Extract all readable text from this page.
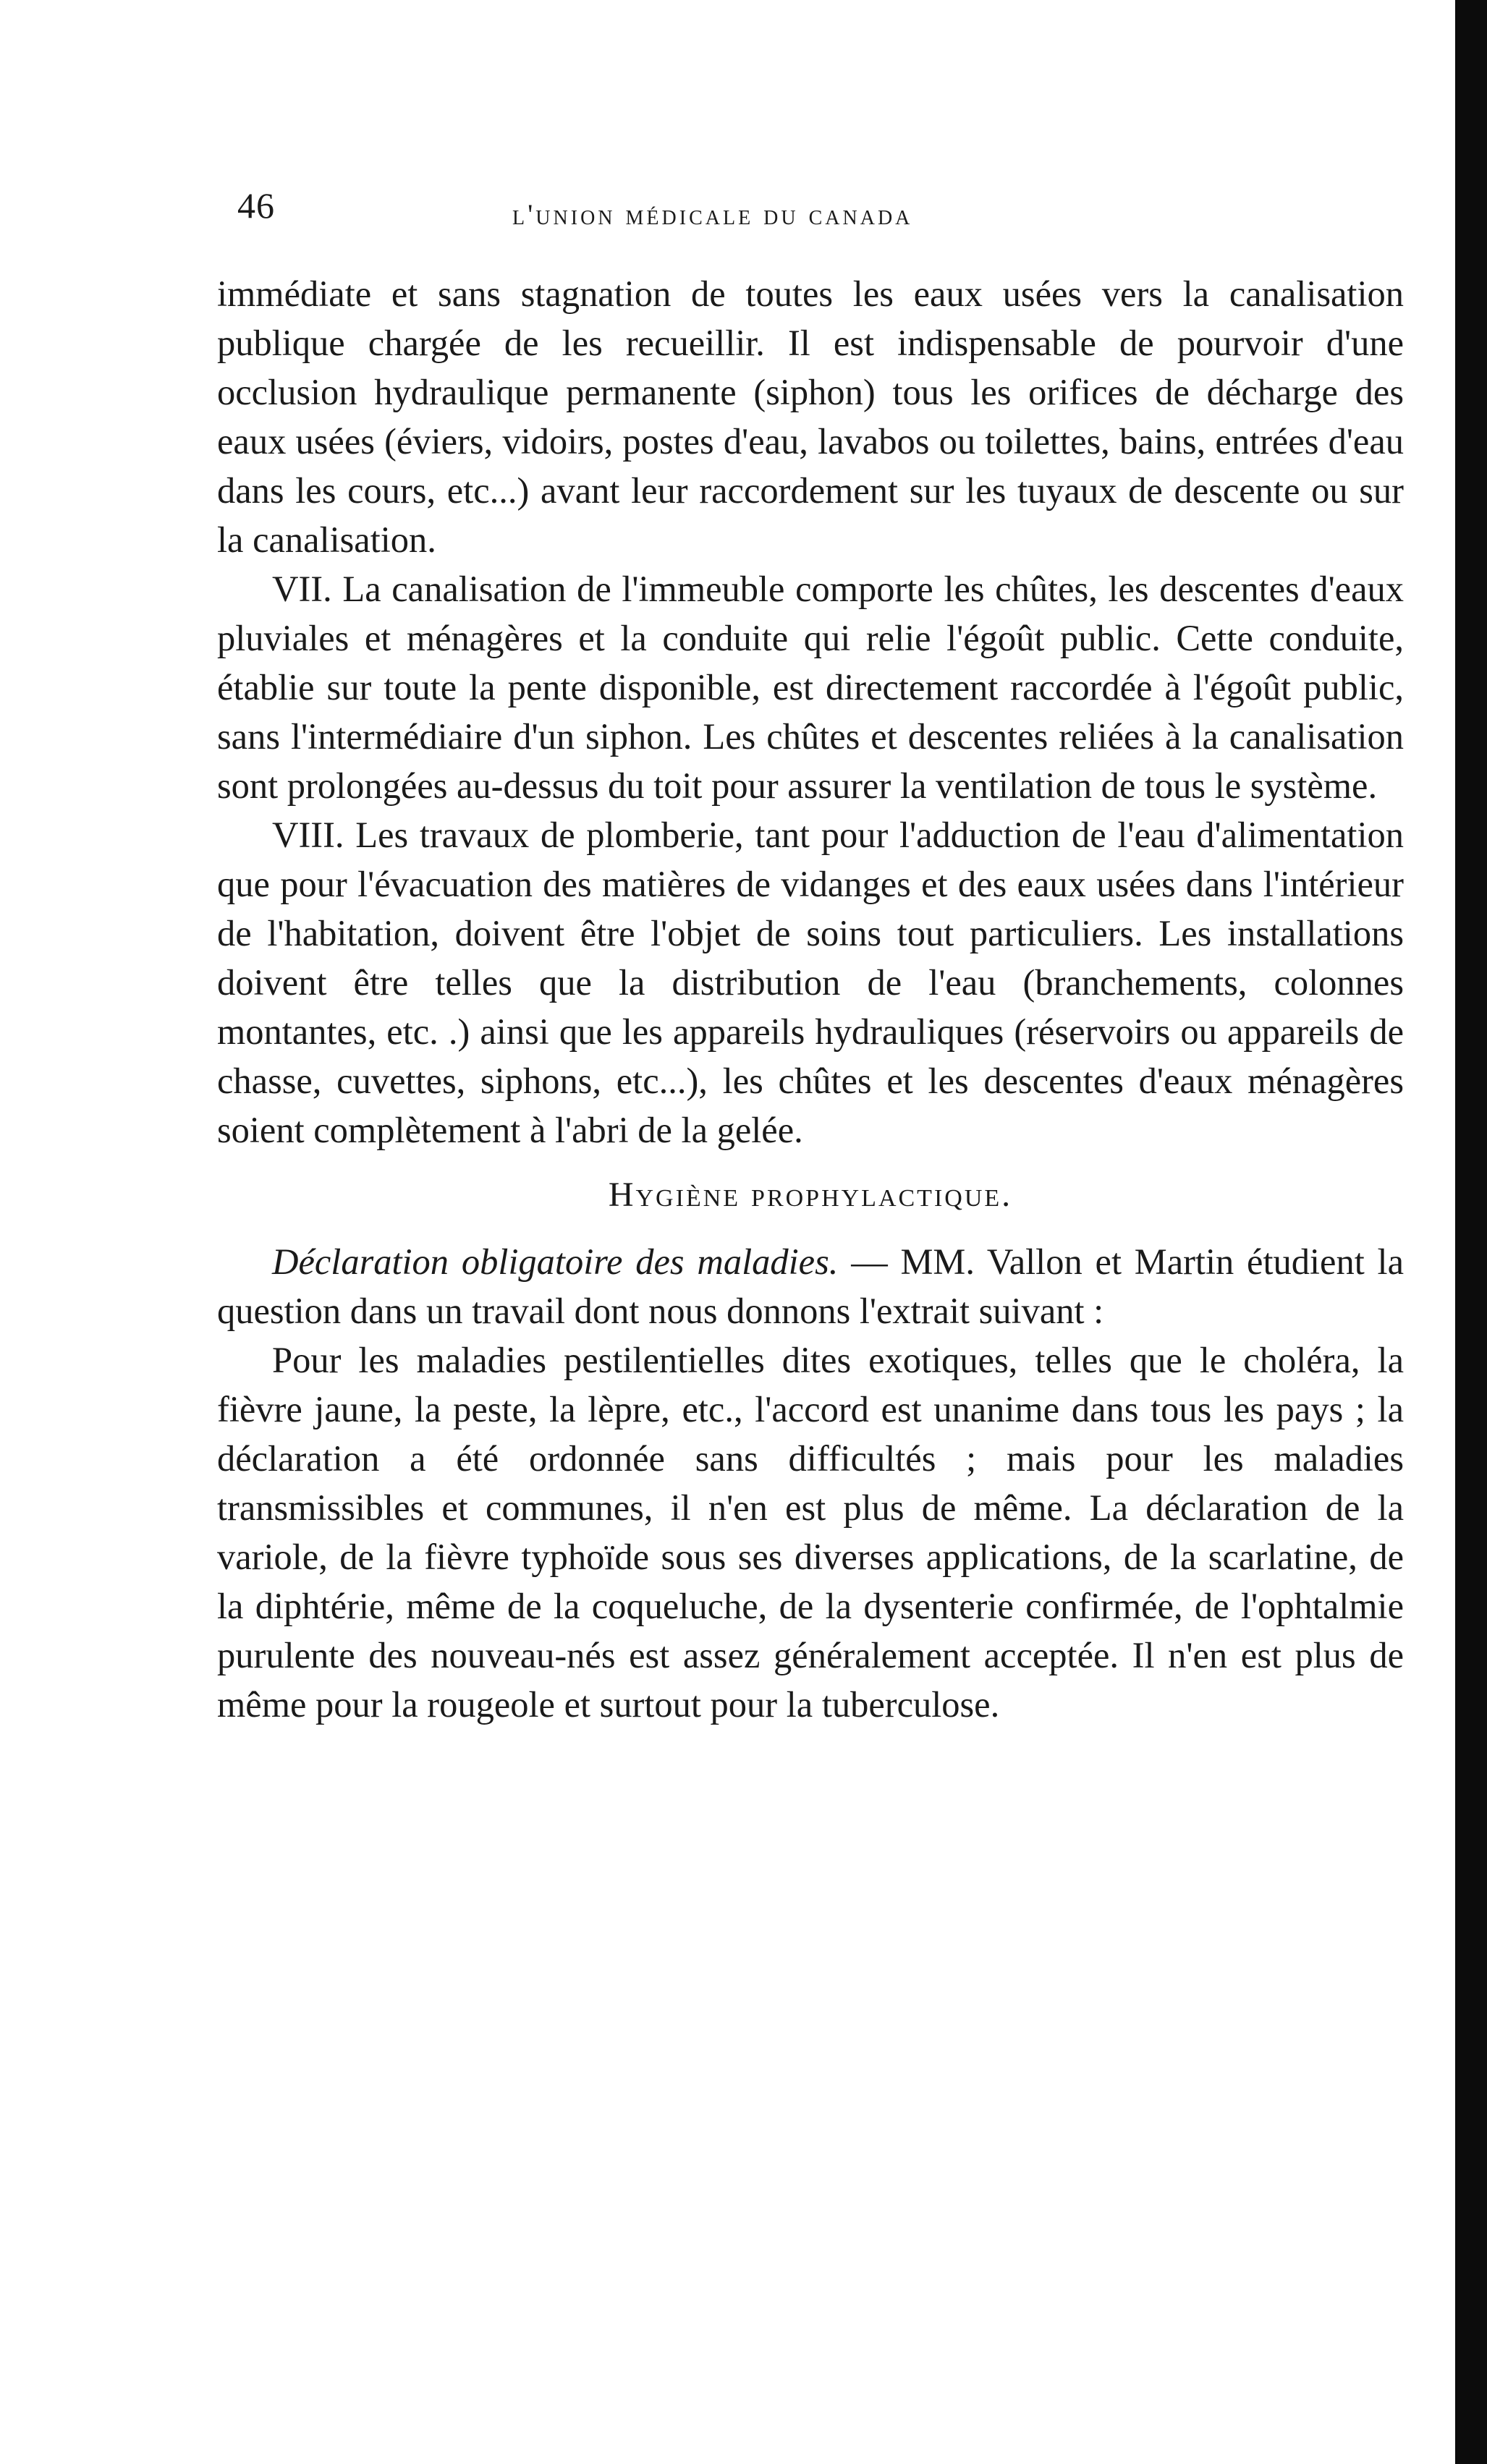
46	l'union médicale du canada

immédiate et sans stagnation de toutes les eaux usées vers la canalisation publique chargée de les recueillir. Il est indispensable de pourvoir d'une occlusion hydraulique permanente (siphon) tous les orifices de décharge des eaux usées (éviers, vidoirs, postes d'eau, lavabos ou toilettes, bains, entrées d'eau dans les cours, etc...) avant leur raccordement sur les tuyaux de descente ou sur la canalisation.

VII. La canalisation de l'immeuble comporte les chûtes, les descentes d'eaux pluviales et ménagères et la conduite qui relie l'égoût public. Cette conduite, établie sur toute la pente disponible, est directement raccordée à l'égoût public, sans l'intermédiaire d'un siphon. Les chûtes et descentes reliées à la canalisation sont prolongées au-dessus du toit pour assurer la ventilation de tous le système.

VIII. Les travaux de plomberie, tant pour l'adduction de l'eau d'alimentation que pour l'évacuation des matières de vidanges et des eaux usées dans l'intérieur de l'habitation, doivent être l'objet de soins tout particuliers. Les installations doivent être telles que la distribution de l'eau (branchements, colonnes montantes, etc. .) ainsi que les appareils hydrauliques (réservoirs ou appareils de chasse, cuvettes, siphons, etc...), les chûtes et les descentes d'eaux ménagères soient complètement à l'abri de la gelée.

Hygiène prophylactique.

Déclaration obligatoire des maladies. — MM. Vallon et Martin étudient la question dans un travail dont nous donnons l'extrait suivant :

Pour les maladies pestilentielles dites exotiques, telles que le choléra, la fièvre jaune, la peste, la lèpre, etc., l'accord est unanime dans tous les pays ; la déclaration a été ordonnée sans difficultés ; mais pour les maladies transmissibles et communes, il n'en est plus de même. La déclaration de la variole, de la fièvre typhoïde sous ses diverses applications, de la scarlatine, de la diphtérie, même de la coqueluche, de la dysenterie confirmée, de l'ophtalmie purulente des nouveau-nés est assez généralement acceptée. Il n'en est plus de même pour la rougeole et surtout pour la tuberculose.
